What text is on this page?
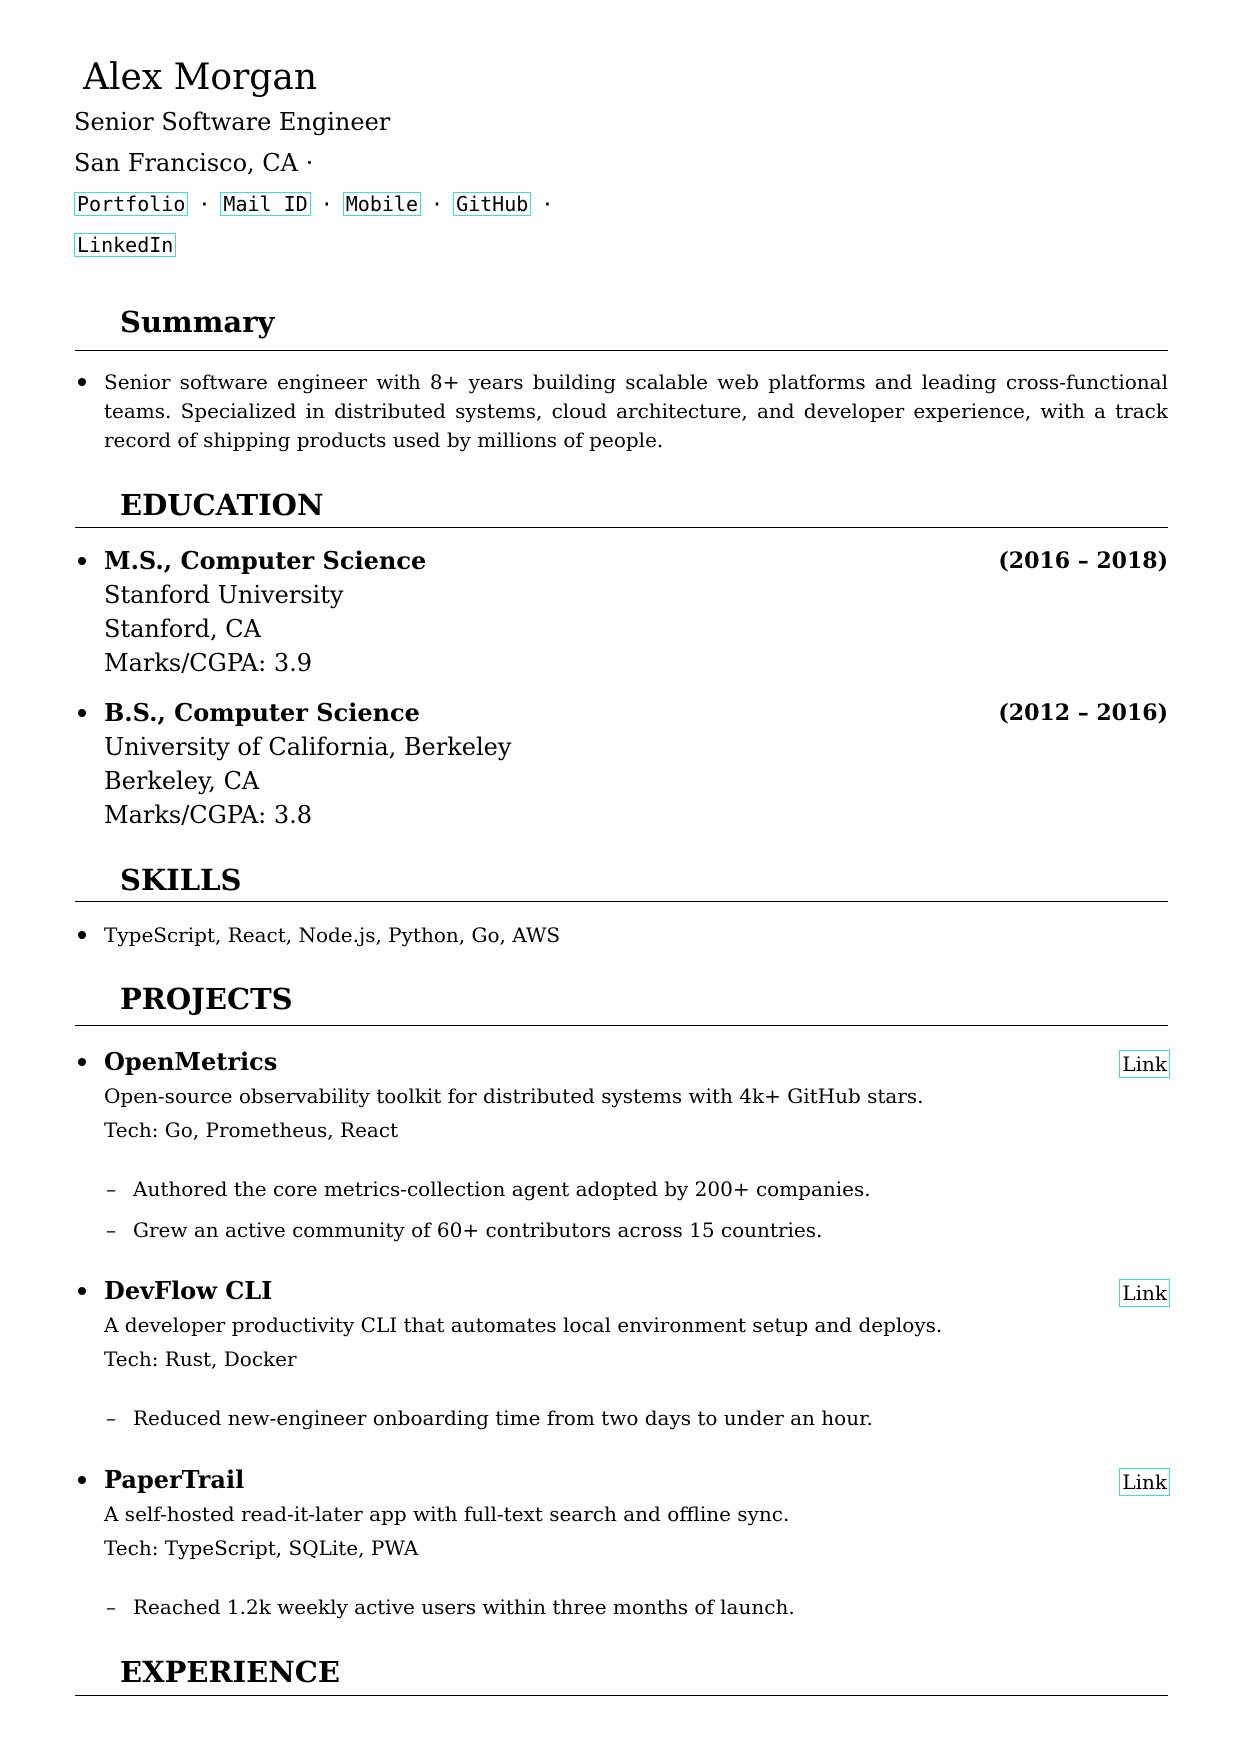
Alex Morgan
Senior Software Engineer
San Francisco, CA ·
Portfolio · Mail ID · Mobile · GitHub ·
LinkedIn
Summary
Senior software engineer with 8+ years building scalable web platforms and leading cross-functional teams. Specialized in distributed systems, cloud architecture, and developer experience, with a track record of shipping products used by millions of people.
EDUCATION
M.S., Computer Science	(2016 – 2018)
Stanford University
Stanford, CA
Marks/CGPA: 3.9
B.S., Computer Science	(2012 – 2016)
University of California, Berkeley
Berkeley, CA
Marks/CGPA: 3.8
SKILLS
TypeScript, React, Node.js, Python, Go, AWS
PROJECTS
OpenMetrics	Link
Open-source observability toolkit for distributed systems with 4k+ GitHub stars.
Tech: Go, Prometheus, React
– Authored the core metrics-collection agent adopted by 200+ companies.
– Grew an active community of 60+ contributors across 15 countries.
DevFlow CLI	Link
A developer productivity CLI that automates local environment setup and deploys.
Tech: Rust, Docker
– Reduced new-engineer onboarding time from two days to under an hour.
PaperTrail	Link
A self-hosted read-it-later app with full-text search and offline sync.
Tech: TypeScript, SQLite, PWA
– Reached 1.2k weekly active users within three months of launch.
EXPERIENCE
